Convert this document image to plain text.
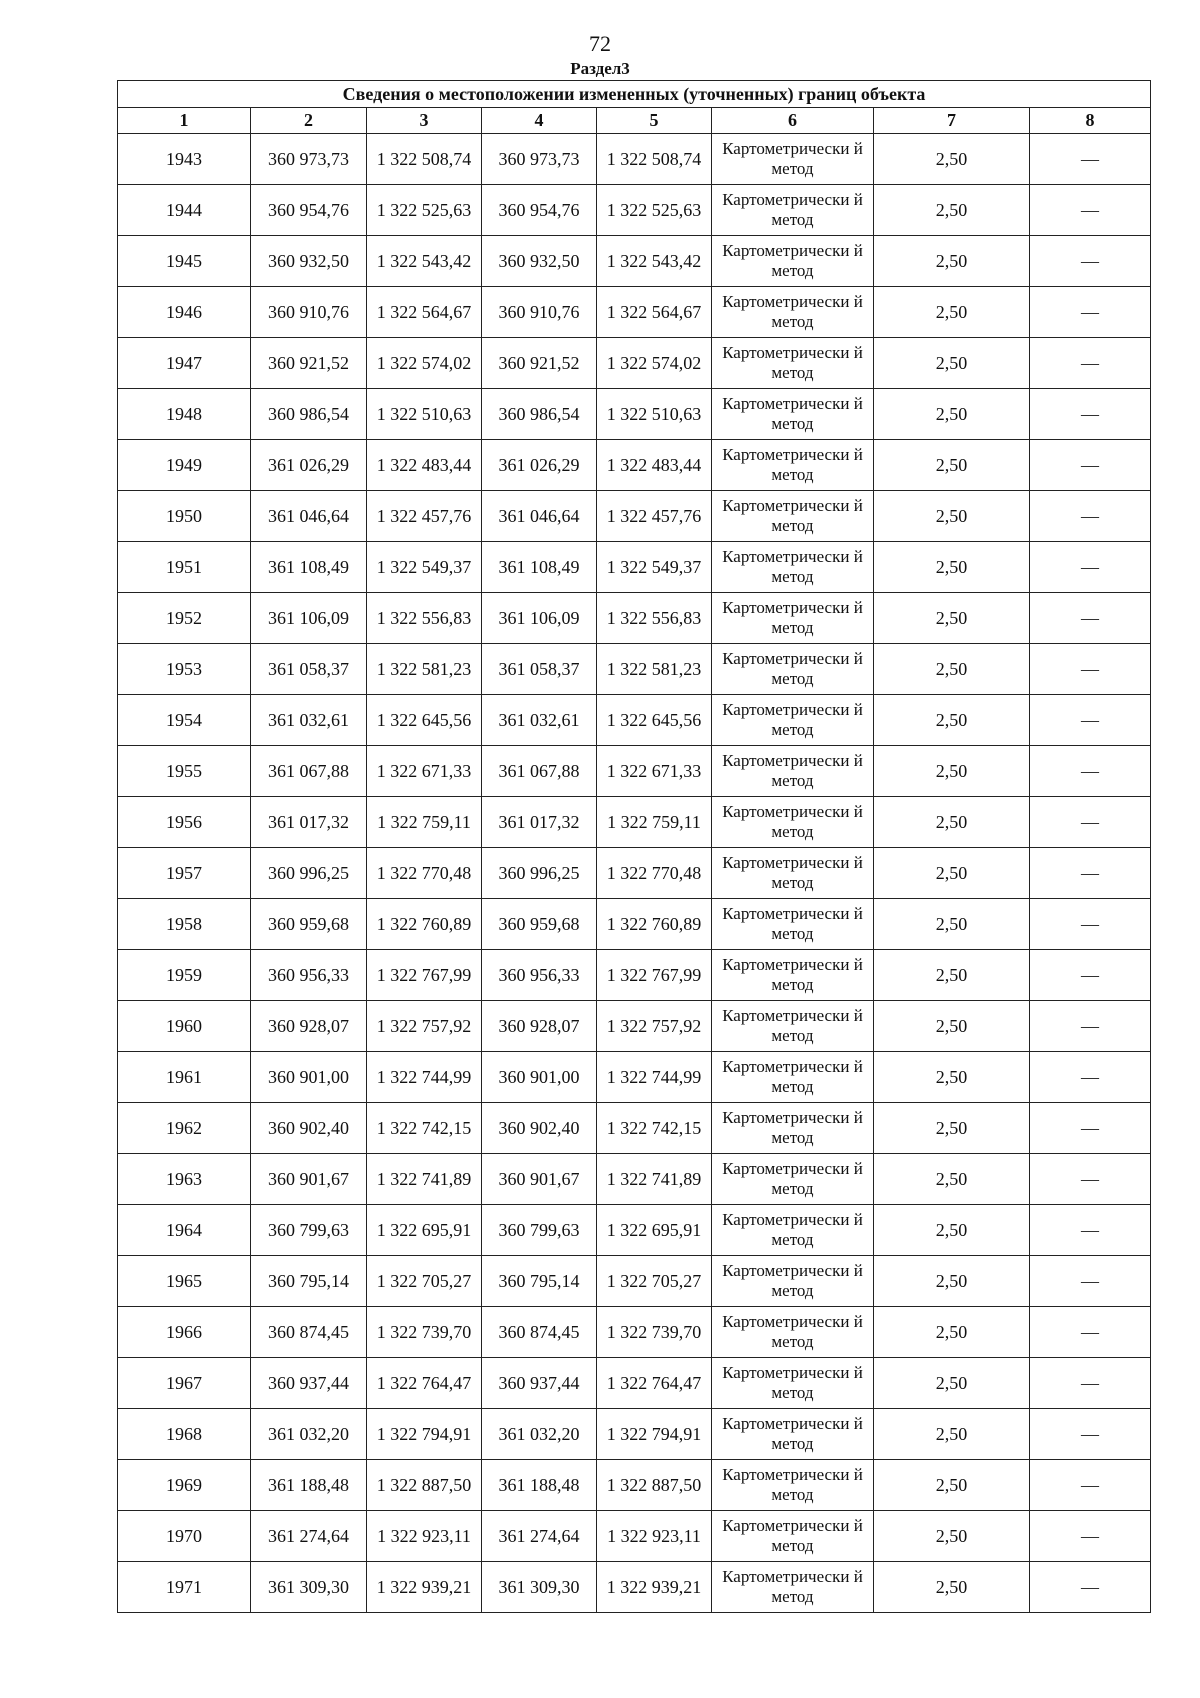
72
Раздел3
Сведения о местоположении измененных (уточненных) границ объекта							
1	2	3	4	5	6	7	8
1943	360 973,73	1 322 508,74	360 973,73	1 322 508,74	Картометрически й метод	2,50	—
1944	360 954,76	1 322 525,63	360 954,76	1 322 525,63	Картометрически й метод	2,50	—
1945	360 932,50	1 322 543,42	360 932,50	1 322 543,42	Картометрически й метод	2,50	—
1946	360 910,76	1 322 564,67	360 910,76	1 322 564,67	Картометрически й метод	2,50	—
1947	360 921,52	1 322 574,02	360 921,52	1 322 574,02	Картометрически й метод	2,50	—
1948	360 986,54	1 322 510,63	360 986,54	1 322 510,63	Картометрически й метод	2,50	—
1949	361 026,29	1 322 483,44	361 026,29	1 322 483,44	Картометрически й метод	2,50	—
1950	361 046,64	1 322 457,76	361 046,64	1 322 457,76	Картометрически й метод	2,50	—
1951	361 108,49	1 322 549,37	361 108,49	1 322 549,37	Картометрически й метод	2,50	—
1952	361 106,09	1 322 556,83	361 106,09	1 322 556,83	Картометрически й метод	2,50	—
1953	361 058,37	1 322 581,23	361 058,37	1 322 581,23	Картометрически й метод	2,50	—
1954	361 032,61	1 322 645,56	361 032,61	1 322 645,56	Картометрически й метод	2,50	—
1955	361 067,88	1 322 671,33	361 067,88	1 322 671,33	Картометрически й метод	2,50	—
1956	361 017,32	1 322 759,11	361 017,32	1 322 759,11	Картометрически й метод	2,50	—
1957	360 996,25	1 322 770,48	360 996,25	1 322 770,48	Картометрически й метод	2,50	—
1958	360 959,68	1 322 760,89	360 959,68	1 322 760,89	Картометрически й метод	2,50	—
1959	360 956,33	1 322 767,99	360 956,33	1 322 767,99	Картометрически й метод	2,50	—
1960	360 928,07	1 322 757,92	360 928,07	1 322 757,92	Картометрически й метод	2,50	—
1961	360 901,00	1 322 744,99	360 901,00	1 322 744,99	Картометрически й метод	2,50	—
1962	360 902,40	1 322 742,15	360 902,40	1 322 742,15	Картометрически й метод	2,50	—
1963	360 901,67	1 322 741,89	360 901,67	1 322 741,89	Картометрически й метод	2,50	—
1964	360 799,63	1 322 695,91	360 799,63	1 322 695,91	Картометрически й метод	2,50	—
1965	360 795,14	1 322 705,27	360 795,14	1 322 705,27	Картометрически й метод	2,50	—
1966	360 874,45	1 322 739,70	360 874,45	1 322 739,70	Картометрически й метод	2,50	—
1967	360 937,44	1 322 764,47	360 937,44	1 322 764,47	Картометрически й метод	2,50	—
1968	361 032,20	1 322 794,91	361 032,20	1 322 794,91	Картометрически й метод	2,50	—
1969	361 188,48	1 322 887,50	361 188,48	1 322 887,50	Картометрически й метод	2,50	—
1970	361 274,64	1 322 923,11	361 274,64	1 322 923,11	Картометрически й метод	2,50	—
1971	361 309,30	1 322 939,21	361 309,30	1 322 939,21	Картометрически й метод	2,50	—
